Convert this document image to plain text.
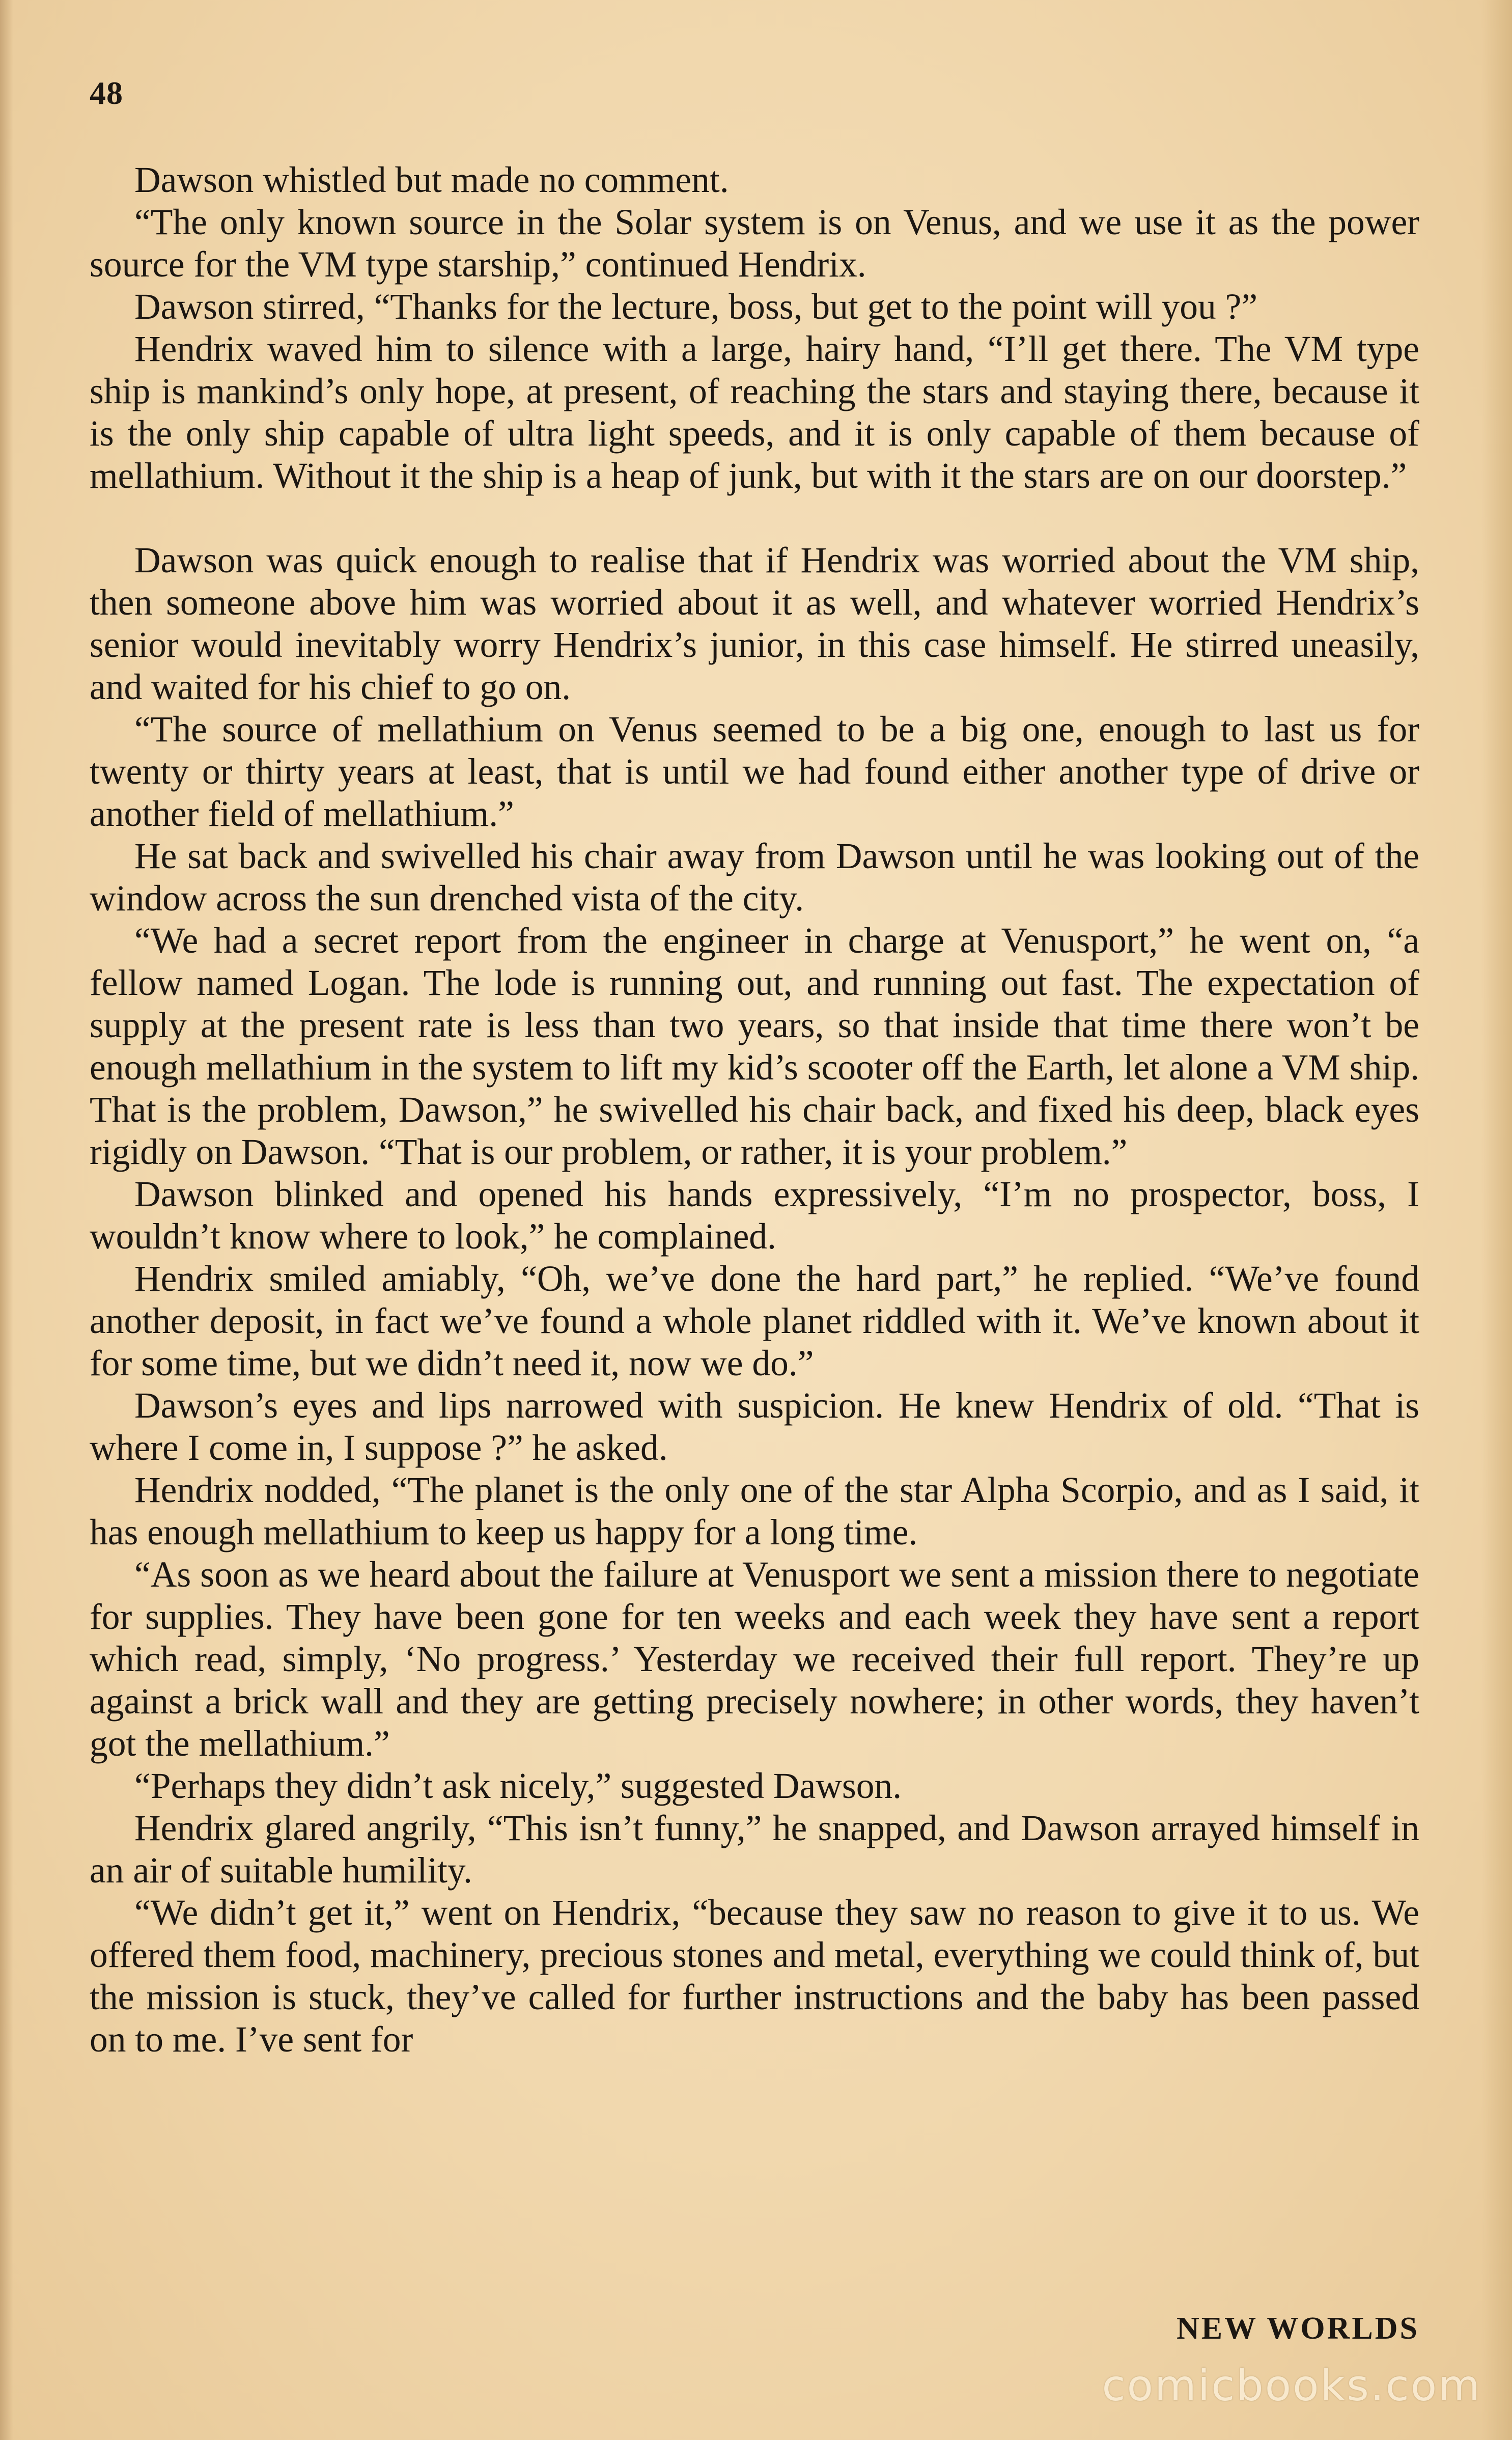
48

Dawson whistled but made no comment.

“The only known source in the Solar system is on Venus, and we use it as the power source for the VM type starship,” continued Hendrix.

Dawson stirred, “Thanks for the lecture, boss, but get to the point will you ?”

Hendrix waved him to silence with a large, hairy hand, “I’ll get there. The VM type ship is mankind’s only hope, at present, of reaching the stars and staying there, because it is the only ship capable of ultra light speeds, and it is only capable of them because of mellathium. Without it the ship is a heap of junk, but with it the stars are on our doorstep.”

Dawson was quick enough to realise that if Hendrix was worried about the VM ship, then someone above him was worried about it as well, and whatever worried Hendrix’s senior would inevitably worry Hendrix’s junior, in this case himself. He stirred uneasily, and waited for his chief to go on.

“The source of mellathium on Venus seemed to be a big one, enough to last us for twenty or thirty years at least, that is until we had found either another type of drive or another field of mellathium.”

He sat back and swivelled his chair away from Dawson until he was looking out of the window across the sun drenched vista of the city.

“We had a secret report from the engineer in charge at Venusport,” he went on, “a fellow named Logan. The lode is running out, and running out fast. The expectation of supply at the present rate is less than two years, so that inside that time there won’t be enough mellathium in the system to lift my kid’s scooter off the Earth, let alone a VM ship. That is the problem, Dawson,” he swivelled his chair back, and fixed his deep, black eyes rigidly on Dawson. “That is our problem, or rather, it is your problem.”

Dawson blinked and opened his hands expressively, “I’m no prospector, boss, I wouldn’t know where to look,” he complained.

Hendrix smiled amiably, “Oh, we’ve done the hard part,” he replied. “We’ve found another deposit, in fact we’ve found a whole planet riddled with it. We’ve known about it for some time, but we didn’t need it, now we do.”

Dawson’s eyes and lips narrowed with suspicion. He knew Hendrix of old. “That is where I come in, I suppose ?” he asked.

Hendrix nodded, “The planet is the only one of the star Alpha Scorpio, and as I said, it has enough mellathium to keep us happy for a long time.

“As soon as we heard about the failure at Venusport we sent a mission there to negotiate for supplies. They have been gone for ten weeks and each week they have sent a report which read, simply, ‘No progress.’ Yesterday we received their full report. They’re up against a brick wall and they are getting precisely nowhere; in other words, they haven’t got the mellathium.”

“Perhaps they didn’t ask nicely,” suggested Dawson.

Hendrix glared angrily, “This isn’t funny,” he snapped, and Dawson arrayed himself in an air of suitable humility.

“We didn’t get it,” went on Hendrix, “because they saw no reason to give it to us. We offered them food, machinery, precious stones and metal, everything we could think of, but the mission is stuck, they’ve called for further instructions and the baby has been passed on to me. I’ve sent for

NEW WORLDS
comicbooks.com
